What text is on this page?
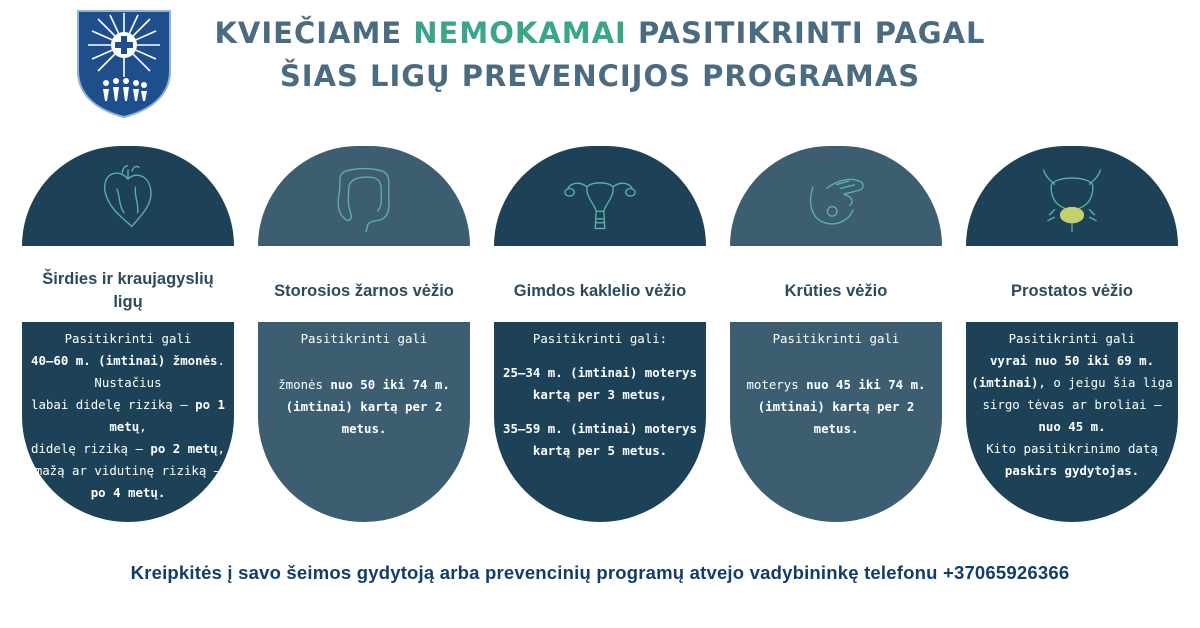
KVIEČIAME NEMOKAMAI PASITIKRINTI PAGAL
ŠIAS LIGŲ PREVENCIJOS PROGRAMAS
Širdies ir kraujagyslių ligų
Pasitikrinti gali
40–60 m. (imtinai) žmonės.
Nustačius
labai didelę riziką – po 1 metų,
didelę riziką – po 2 metų,
mažą ar vidutinę riziką –
po 4 metų.
Storosios žarnos vėžio

Pasitikrinti gali

žmonės nuo 50 iki 74 m. (imtinai) kartą per 2 metus.

Gimdos kaklelio vėžio

Pasitikrinti gali:

25–34 m. (imtinai) moterys kartą per 3 metus,

35–59 m. (imtinai) moterys kartą per 5 metus.

Krūties vėžio

Pasitikrinti gali

moterys nuo 45 iki 74 m. (imtinai) kartą per 2 metus.

Prostatos vėžio
Pasitikrinti gali
vyrai nuo 50 iki 69 m. (imtinai), o jeigu šia liga sirgo tėvas ar broliai –
nuo 45 m.
Kito pasitikrinimo datą
paskirs gydytojas.
Kreipkitės į savo šeimos gydytoją arba prevencinių programų atvejo vadybininkę telefonu +37065926366
